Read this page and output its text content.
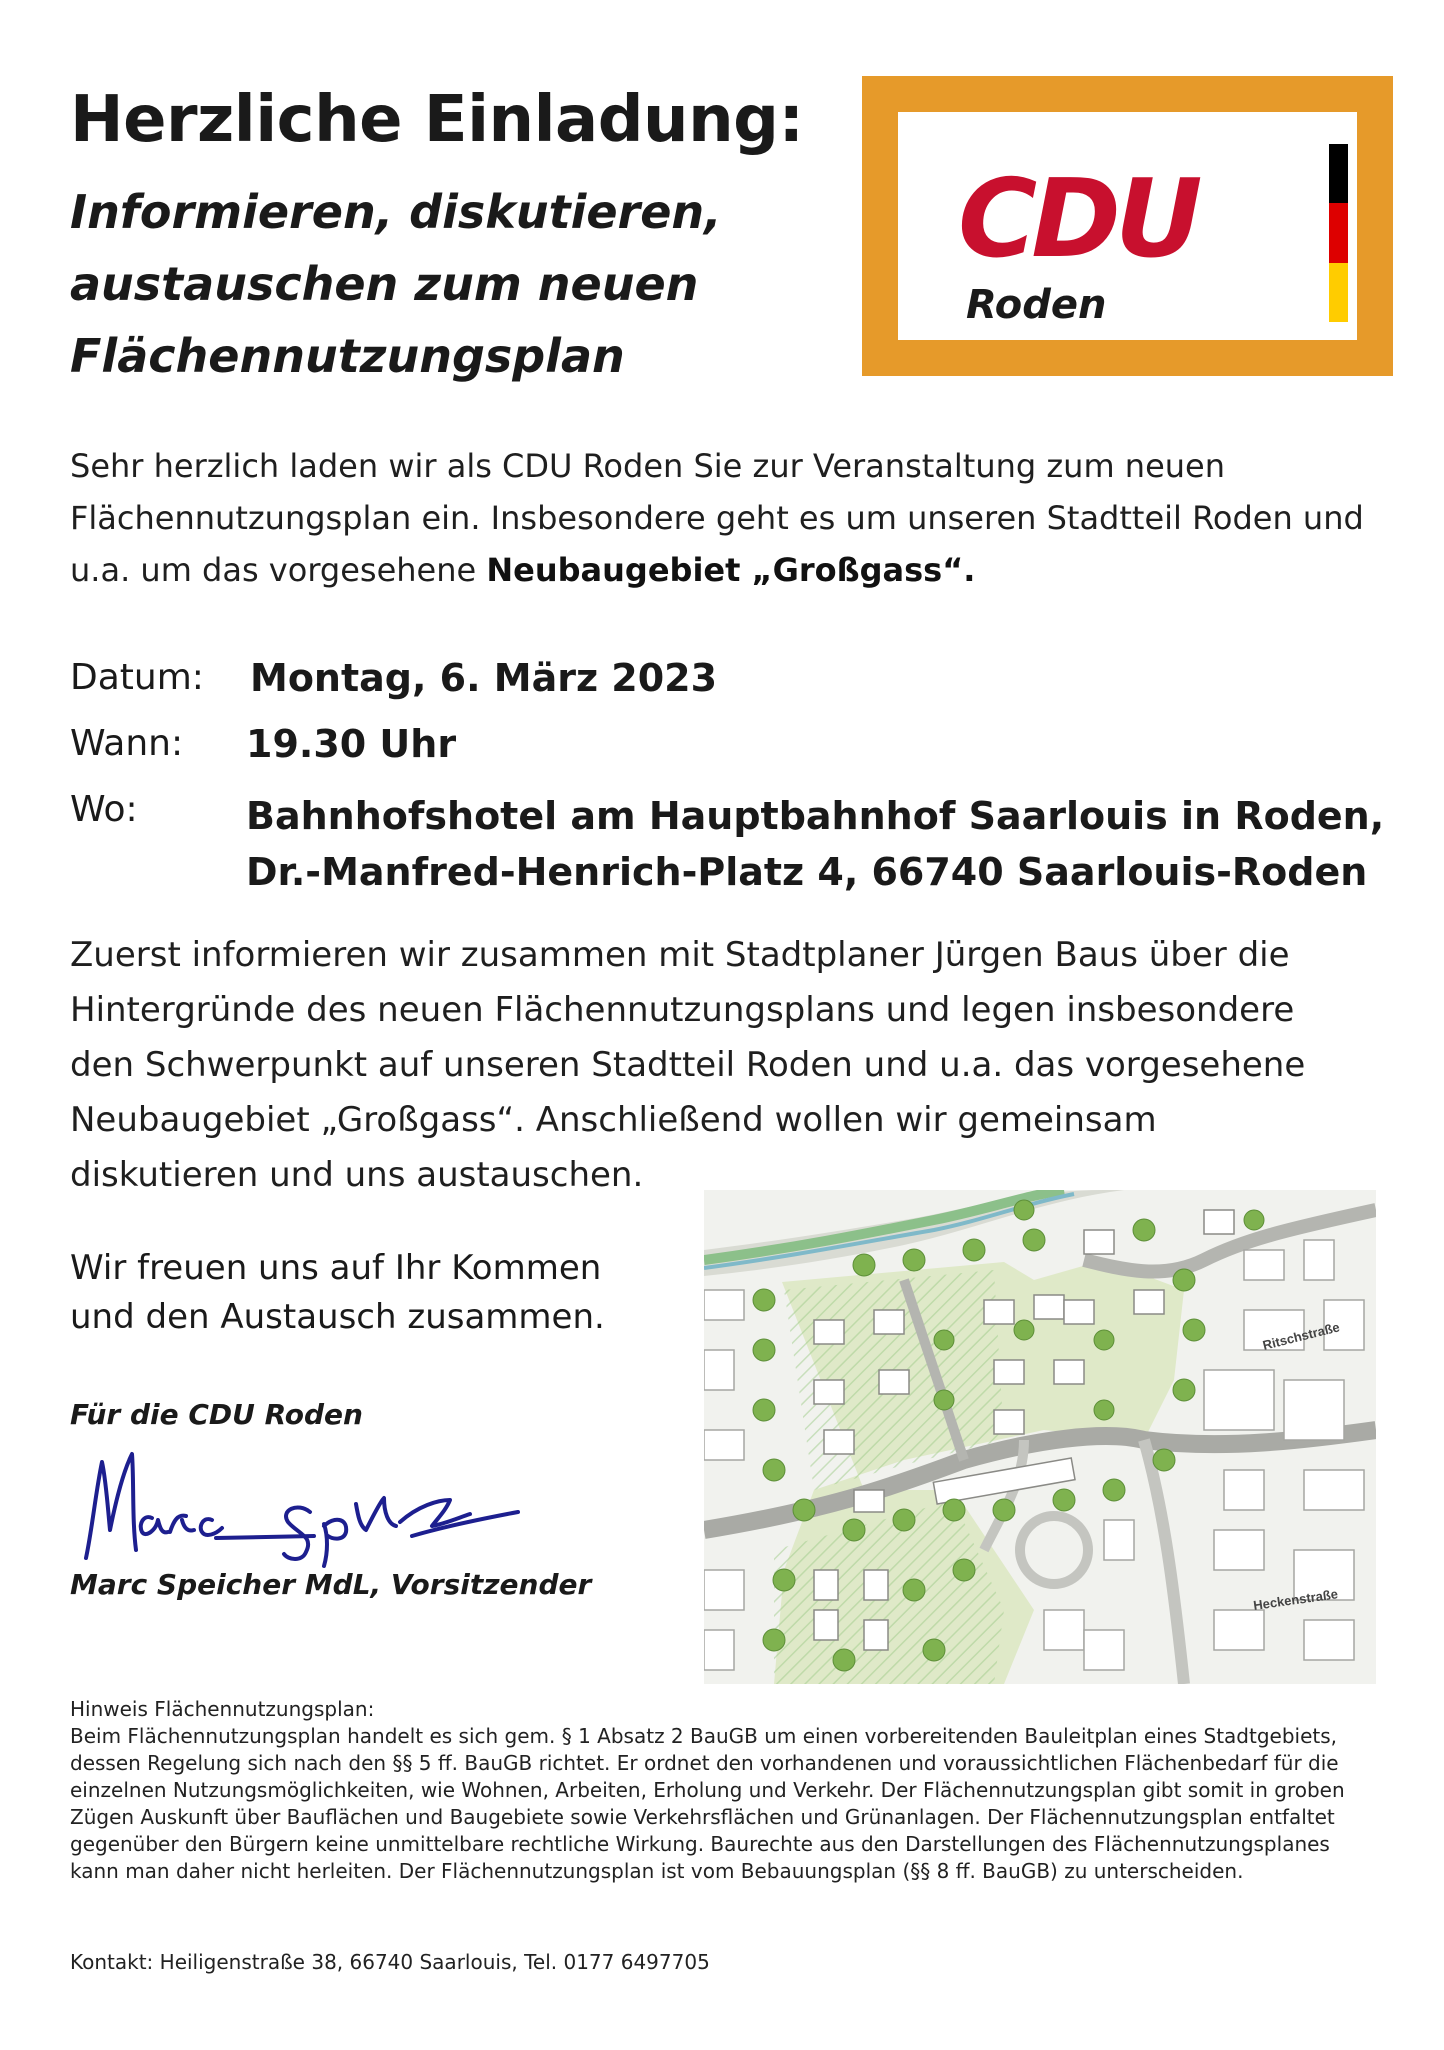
Herzliche Einladung:
Informieren, diskutieren,
austauschen zum neuen
Flächennutzungsplan
CDU
Roden

Sehr herzlich laden wir als CDU Roden Sie zur Veranstaltung zum neuen Flächennutzungsplan ein. Insbesondere geht es um unseren Stadtteil Roden und u.a. um das vorgesehene Neubaugebiet „Großgass“.

Datum: Montag, 6. März 2023
Wann: 19.30 Uhr
Wo:	Bahnhofshotel am Hauptbahnhof Saarlouis in Roden,
Dr.-Manfred-Henrich-Platz 4, 66740 Saarlouis-Roden

Zuerst informieren wir zusammen mit Stadtplaner Jürgen Baus über die
Hintergründe des neuen Flächennutzungsplans und legen insbesondere
den Schwerpunkt auf unseren Stadtteil Roden und u.a. das vorgesehene
Neubaugebiet „Großgass“. Anschließend wollen wir gemeinsam
diskutieren und uns austauschen.

Wir freuen uns auf Ihr Kommen
und den Austausch zusammen.

Für die CDU Roden

Marc Speicher

Marc Speicher MdL, Vorsitzender

Ritschstraße
Heckenstraße

Hinweis Flächennutzungsplan:
Beim Flächennutzungsplan handelt es sich gem. § 1 Absatz 2 BauGB um einen vorbereitenden Bauleitplan eines Stadtgebiets,
dessen Regelung sich nach den §§ 5 ff. BauGB richtet. Er ordnet den vorhandenen und voraussichtlichen Flächenbedarf für die
einzelnen Nutzungsmöglichkeiten, wie Wohnen, Arbeiten, Erholung und Verkehr. Der Flächennutzungsplan gibt somit in groben
Zügen Auskunft über Bauflächen und Baugebiete sowie Verkehrsflächen und Grünanlagen. Der Flächennutzungsplan entfaltet
gegenüber den Bürgern keine unmittelbare rechtliche Wirkung. Baurechte aus den Darstellungen des Flächennutzungsplanes
kann man daher nicht herleiten. Der Flächennutzungsplan ist vom Bebauungsplan (§§ 8 ff. BauGB) zu unterscheiden.

Kontakt: Heiligenstraße 38, 66740 Saarlouis, Tel. 0177 6497705
